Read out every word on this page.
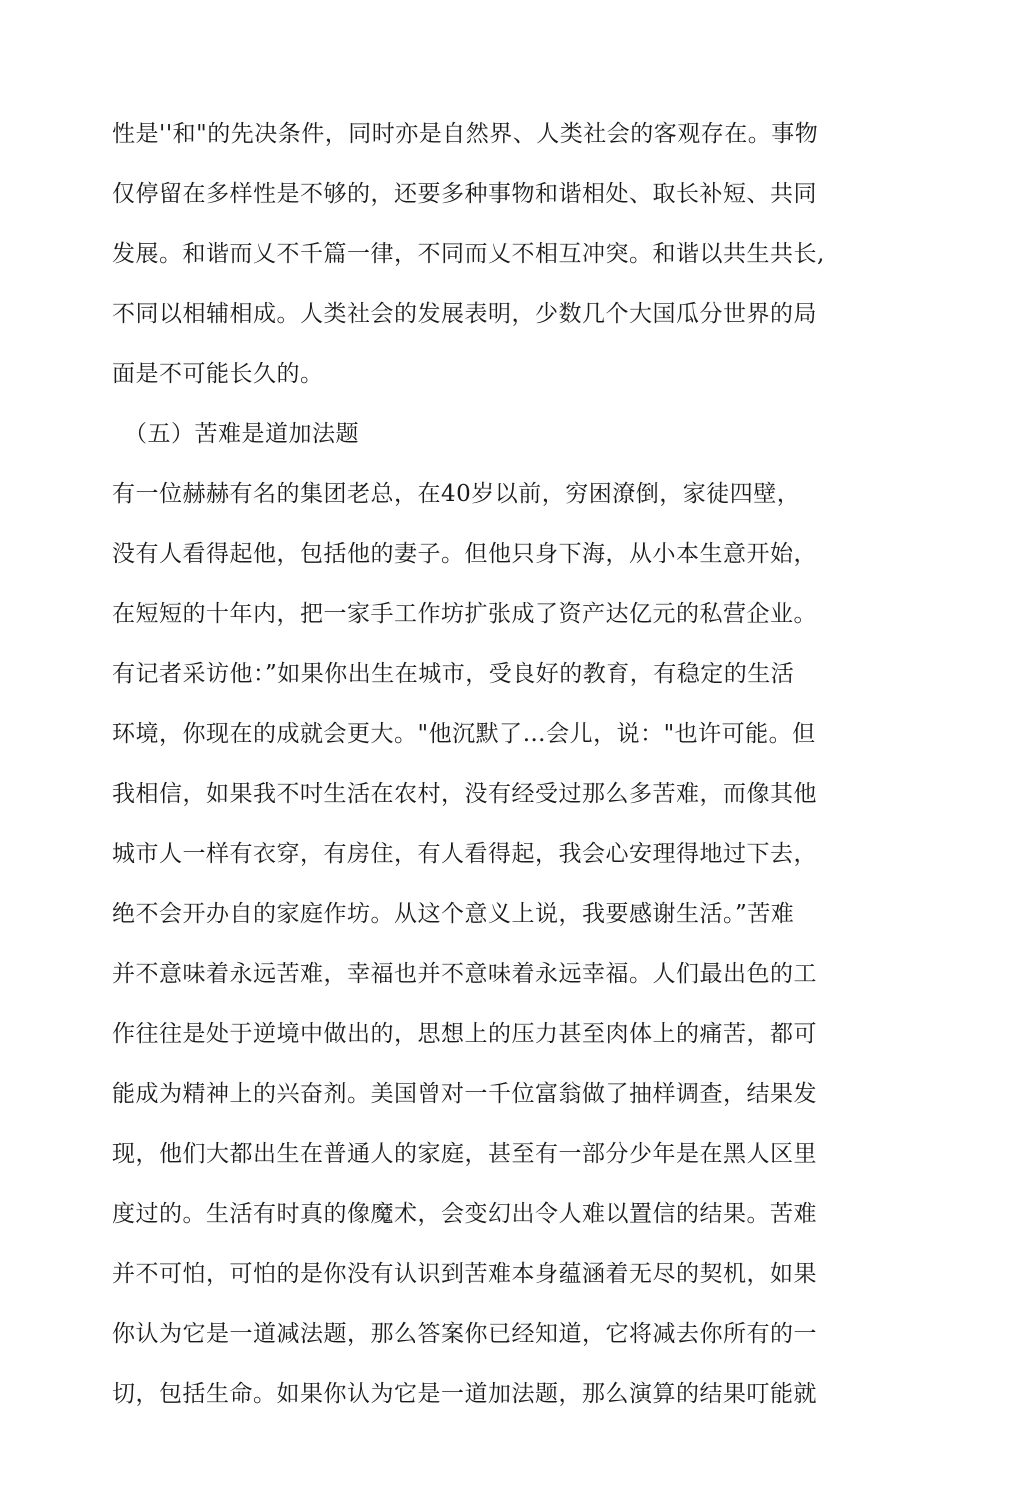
性是''和"的先决条件，同时亦是自然界、人类社会的客观存在。事物
仅停留在多样性是不够的，还要多种事物和谐相处、取长补短、共同
发展。和谐而乂不千篇一律，不同而乂不相互冲突。和谐以共生共长,
不同以相辅相成。人类社会的发展表明，少数几个大国瓜分世界的局
面是不可能长久的。
（五）苦难是道加法题
有一位赫赫有名的集团老总，在40岁以前，穷困潦倒，家徒四壁，
没有人看得起他，包括他的妻子。但他只身下海，从小本生意开始，
在短短的十年内，把一家手工作坊扩张成了资产达亿元的私营企业。
有记者采访他：”如果你出生在城市，受良好的教育，有稳定的生活
环境，你现在的成就会更大。"他沉默了…会儿，说："也许可能。但
我相信，如果我不吋生活在农村，没有经受过那么多苦难，而像其他
城市人一样有衣穿，有房住，有人看得起，我会心安理得地过下去，
绝不会开办自的家庭作坊。从这个意义上说，我要感谢生活。”苦难
并不意味着永远苦难，幸福也并不意味着永远幸福。人们最出色的工
作往往是处于逆境中做出的，思想上的压力甚至肉体上的痛苦，都可
能成为精神上的兴奋剂。美国曾对一千位富翁做了抽样调查，结果发
现，他们大都出生在普通人的家庭，甚至有一部分少年是在黑人区里
度过的。生活有时真的像魔术，会变幻出令人难以置信的结果。苦难
并不可怕，可怕的是你没有认识到苦难本身蕴涵着无尽的契机，如果
你认为它是一道减法题，那么答案你已经知道，它将减去你所有的一
切，包括生命。如果你认为它是一道加法题，那么演算的结果叮能就
